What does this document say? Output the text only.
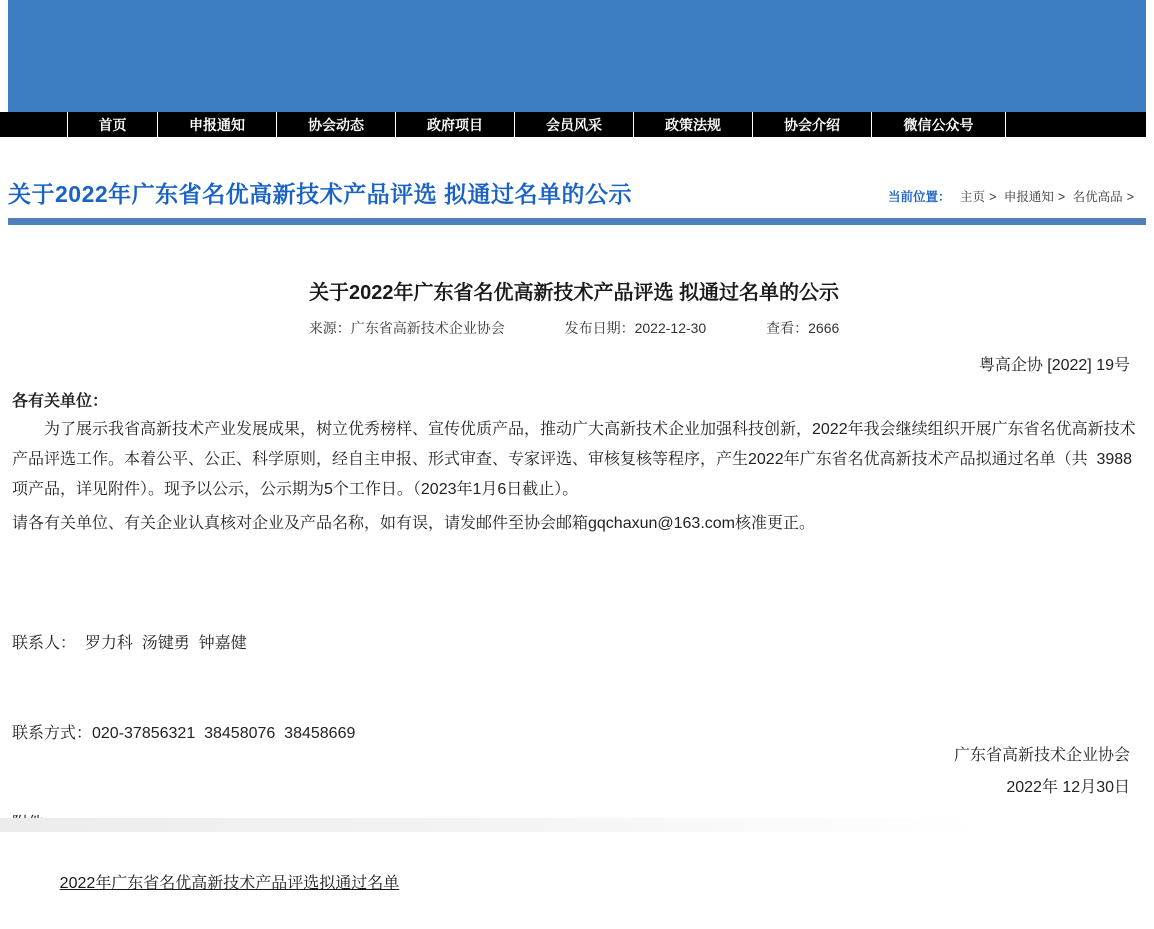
首页	申报通知	协会动态	政府项目	会员风采	政策法规	协会介绍	微信公众号
关于2022年广东省名优高新技术产品评选 拟通过名单的公示	当前位置： 主页 > 申报通知 > 名优高品 >
关于2022年广东省名优高新技术产品评选 拟通过名单的公示
来源：广东省高新技术企业协会	发布日期：2022-12-30	查看：2666
粤高企协 [2022] 19号
各有关单位：
为了展示我省高新技术产业发展成果，树立优秀榜样、宣传优质产品，推动广大高新技术企业加强科技创新，2022年我会继续组织开展广东省名优高新技术产品评选工作。本着公平、公正、科学原则，经自主申报、形式审查、专家评选、审核复核等程序，产生2022年广东省名优高新技术产品拟通过名单（共  3988项产品，详见附件）。现予以公示，公示期为5个工作日。（2023年1月6日截止）。
请各有关单位、有关企业认真核对企业及产品名称，如有误，请发邮件至协会邮箱gqchaxun@163.com核准更正。

联系人：  罗力科  汤键勇  钟嘉健

联系方式：020-37856321  38458076  38458669

2022年广东省名优高新技术产品评选拟通过名单

广东省高新技术企业协会
2022年 12月30日
